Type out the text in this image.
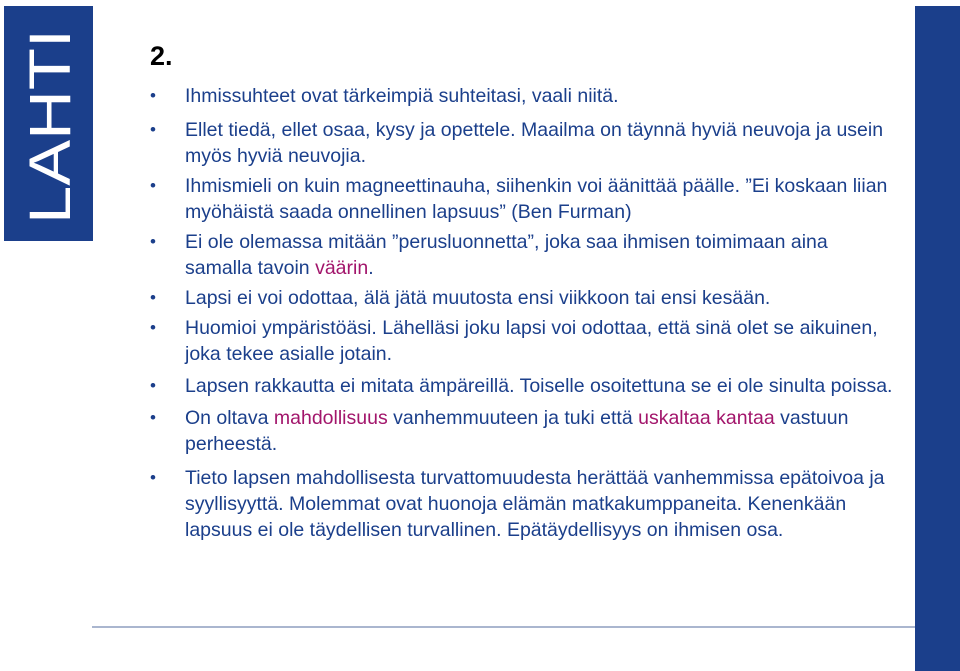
LAHTI
2.
• Ihmissuhteet ovat tärkeimpiä suhteitasi, vaali niitä.
• Ellet tiedä, ellet osaa, kysy ja opettele. Maailma on täynnä hyviä neuvoja ja usein myös hyviä neuvojia.
• Ihmismieli on kuin magneettinauha, siihenkin voi äänittää päälle. ”Ei koskaan liian myöhäistä saada onnellinen lapsuus” (Ben Furman)
• Ei ole olemassa mitään ”perusluonnetta”, joka saa ihmisen toimimaan aina samalla tavoin väärin.
• Lapsi ei voi odottaa, älä jätä muutosta ensi viikkoon tai ensi kesään.
• Huomioi ympäristöäsi. Lähelläsi joku lapsi voi odottaa, että sinä olet se aikuinen, joka tekee asialle jotain.
• Lapsen rakkautta ei mitata ämpäreillä. Toiselle osoitettuna se ei ole sinulta poissa.
• On oltava mahdollisuus vanhemmuuteen ja tuki että uskaltaa kantaa vastuun perheestä.
• Tieto lapsen mahdollisesta turvattomuudesta herättää vanhemmissa epätoivoa ja syyllisyyttä. Molemmat ovat huonoja elämän matkakumppaneita. Kenenkään lapsuus ei ole täydellisen turvallinen. Epätäydellisyys on ihmisen osa.
